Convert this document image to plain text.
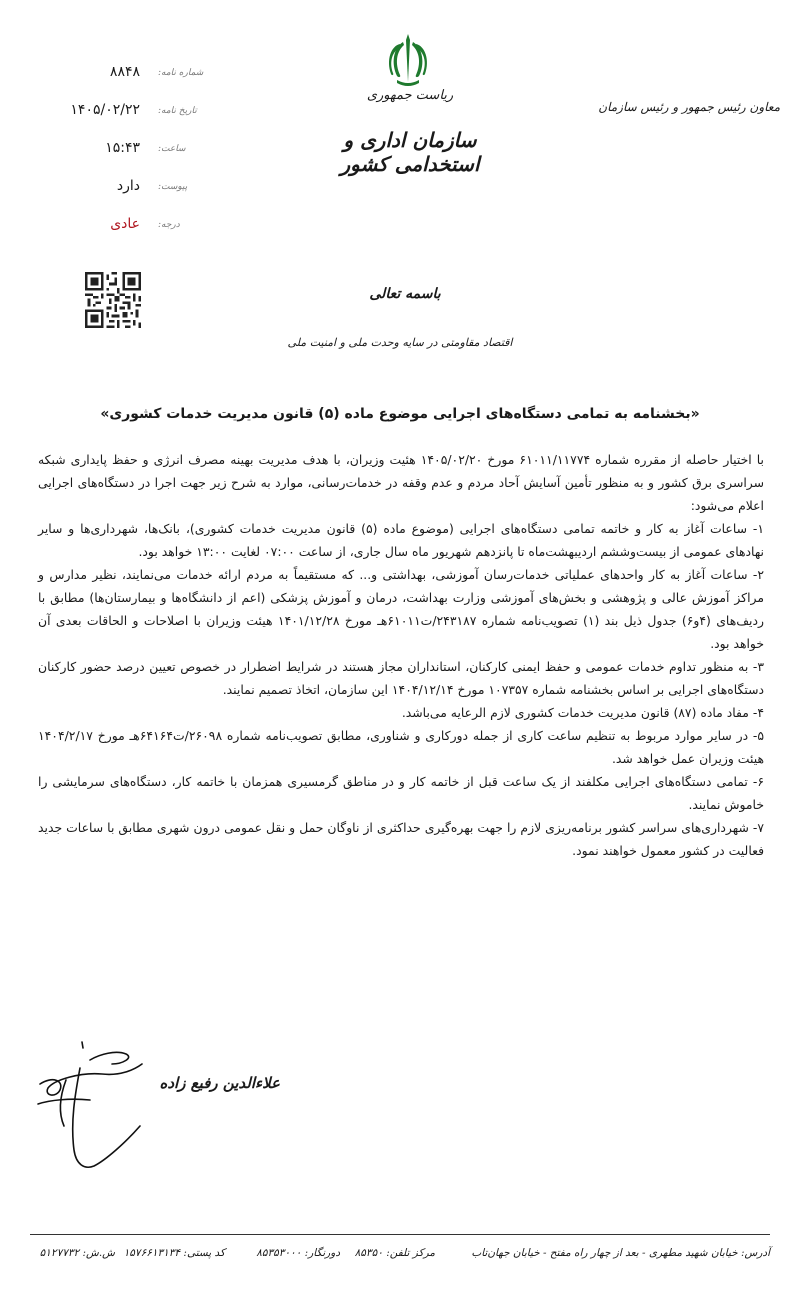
شماره نامه:
۸۸۴۸
تاریخ نامه:
۱۴۰۵/۰۲/۲۲
ساعت:
۱۵:۴۳
پیوست:
دارد
درجه:
عادی
ریاست جمهوری
سازمان اداری و استخدامی کشور
معاون رئیس جمهور و رئیس سازمان
باسمه تعالی
اقتصاد مقاومتی در سایه وحدت ملی و امنیت ملی
«بخشنامه به تمامی دستگاه‌های اجرایی موضوع ماده (۵) قانون مدیریت خدمات کشوری»

با اختیار حاصله از مقرره شماره ۶۱۰۱۱/۱۱۷۷۴ مورخ ۱۴۰۵/۰۲/۲۰ هئیت وزیران، با هدف مدیریت بهینه مصرف انرژی و حفظ پایداری شبکه سراسری برق کشور و به منظور تأمین آسایش آحاد مردم و عدم وقفه در خدمات‌رسانی، موارد به شرح زیر جهت اجرا در دستگاه‌های اجرایی اعلام می‌شود:

۱- ساعات آغاز به کار و خاتمه تمامی دستگاه‌های اجرایی (موضوع ماده (۵) قانون مدیریت خدمات کشوری)، بانک‌ها، شهرداری‌ها و سایر نهادهای عمومی از بیست‌وششم اردیبهشت‌ماه تا پانزدهم شهریور ماه سال جاری، از ساعت ۰۷:۰۰ لغایت ۱۳:۰۰ خواهد بود.

۲- ساعات آغاز به کار واحدهای عملیاتی خدمات‌رسان آموزشی، بهداشتی و... که مستقیماً به مردم ارائه خدمات می‌نمایند، نظیر مدارس و مراکز آموزش عالی و پژوهشی و بخش‌های آموزشی وزارت بهداشت، درمان و آموزش پزشکی (اعم از دانشگاه‌ها و بیمارستان‌ها) مطابق با ردیف‌های (۴و۶) جدول ذیل بند (۱) تصویب‌نامه شماره ۲۴۳۱۸۷/ت۶۱۰۱۱هـ مورخ ۱۴۰۱/۱۲/۲۸ هیئت وزیران با اصلاحات و الحاقات بعدی آن خواهد بود.

۳- به منظور تداوم خدمات عمومی و حفظ ایمنی کارکنان، استانداران مجاز هستند در شرایط اضطرار در خصوص تعیین درصد حضور کارکنان دستگاه‌های اجرایی بر اساس بخشنامه شماره ۱۰۷۳۵۷ مورخ ۱۴۰۴/۱۲/۱۴ این سازمان، اتخاذ تصمیم نمایند.

۴- مفاد ماده (۸۷) قانون مدیریت خدمات کشوری لازم الرعایه می‌باشد.

۵- در سایر موارد مربوط به تنظیم ساعت کاری از جمله دورکاری و شناوری، مطابق تصویب‌نامه شماره ۲۶۰۹۸/ت۶۴۱۶۴هـ مورخ ۱۴۰۴/۲/۱۷ هیئت وزیران عمل خواهد شد.

۶- تمامی دستگاه‌های اجرایی مکلفند از یک ساعت قبل از خاتمه کار و در مناطق گرمسیری همزمان با خاتمه کار، دستگاه‌های سرمایشی را خاموش نمایند.

۷- شهرداری‌های سراسر کشور برنامه‌ریزی لازم را جهت بهره‌گیری حداکثری از ناوگان حمل و نقل عمومی درون شهری مطابق با ساعات جدید فعالیت در کشور معمول خواهند نمود.

علاءالدین رفیع زاده
آدرس: خیابان شهید مطهری - بعد از چهار راه مفتح - خیابان جهان‌تاب
مرکز تلفن: ۸۵۳۵۰
دورنگار: ۸۵۳۵۳۰۰۰
کد پستی: ۱۵۷۶۶۱۳۱۳۴
ش.ش: ۵۱۲۷۷۳۲
